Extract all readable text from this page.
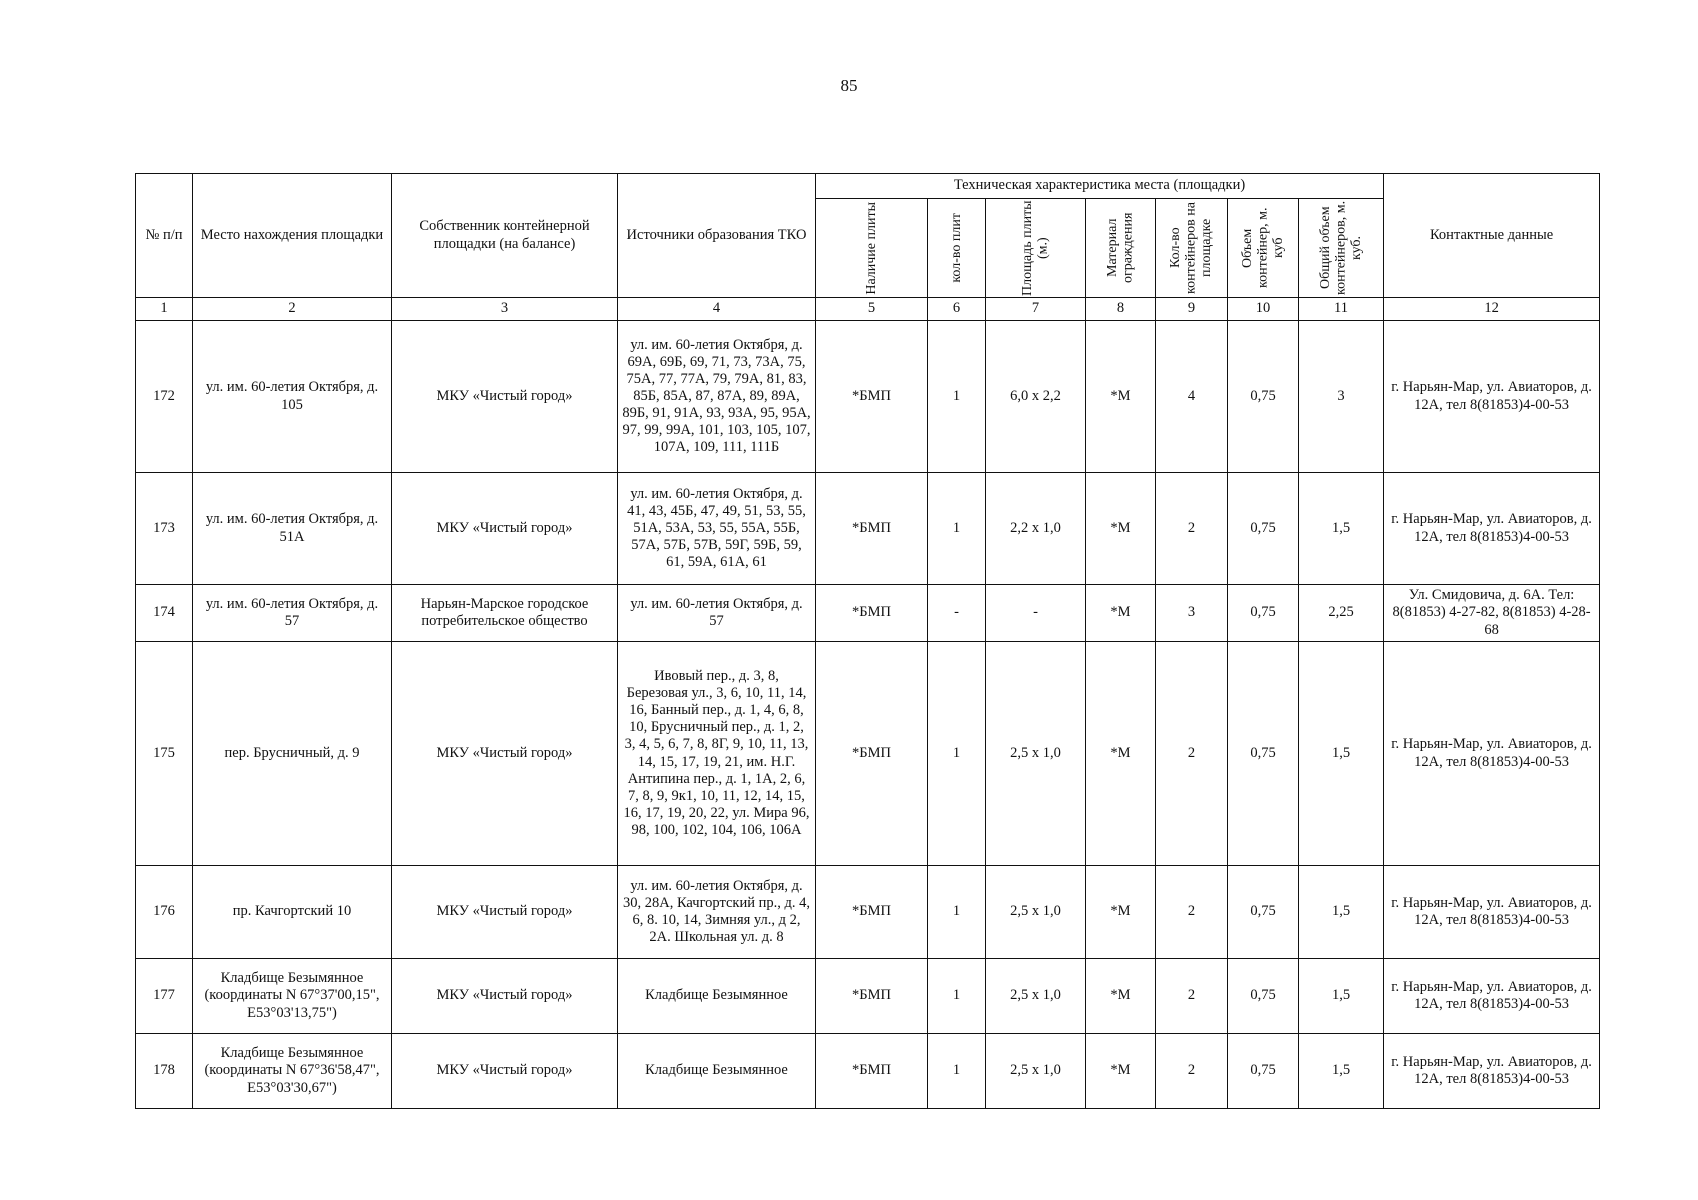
85
№ п/п	Место нахождения площадки	Собственник контейнерной площадки (на балансе)	Источники образования ТКО	Техническая характеристика места (площадки)							Контактные данные

				Наличие плиты	кол-во плит	Площадь плиты (м.)	Материал ограждения	Кол-во контейнеров на площадке	Объем контейнер, м. куб	Общий объем контейнеров, м. куб.	

1	2	3	4	5	6	7	8	9	10	11	12
172	ул. им. 60-летия Октября, д. 105	МКУ «Чистый город»	ул. им. 60-летия Октября, д. 69А, 69Б, 69, 71, 73, 73А, 75, 75А, 77, 77А, 79, 79А, 81, 83, 85Б, 85А, 87, 87А, 89, 89А, 89Б, 91, 91А, 93, 93А, 95, 95А, 97, 99, 99А, 101, 103, 105, 107, 107А, 109, 111, 111Б	*БМП	1	6,0 х 2,2	*М	4	0,75	3	г. Нарьян-Мар, ул. Авиаторов, д. 12А, тел 8(81853)4-00-53
173	ул. им. 60-летия Октября, д. 51А	МКУ «Чистый город»	ул. им. 60-летия Октября, д. 41, 43, 45Б, 47, 49, 51, 53, 55, 51А, 53А, 53, 55, 55А, 55Б, 57А, 57Б, 57В, 59Г, 59Б, 59, 61, 59А, 61А, 61	*БМП	1	2,2 х 1,0	*М	2	0,75	1,5	г. Нарьян-Мар, ул. Авиаторов, д. 12А, тел 8(81853)4-00-53
174	ул. им. 60-летия Октября, д. 57	Нарьян-Марское городское потребительское общество	ул. им. 60-летия Октября, д. 57	*БМП	-	-	*М	3	0,75	2,25	Ул. Смидовича, д. 6А. Тел: 8(81853) 4-27-82, 8(81853) 4-28-68
175	пер. Брусничный, д. 9	МКУ «Чистый город»	Ивовый пер., д. 3, 8, Березовая ул., 3, 6, 10, 11, 14, 16, Банный пер., д. 1, 4, 6, 8, 10, Брусничный пер., д. 1, 2, 3, 4, 5, 6, 7, 8, 8Г, 9, 10, 11, 13, 14, 15, 17, 19, 21, им. Н.Г. Антипина пер., д. 1, 1А, 2, 6, 7, 8, 9, 9к1, 10, 11, 12, 14, 15, 16, 17, 19, 20, 22, ул. Мира 96, 98, 100, 102, 104, 106, 106А	*БМП	1	2,5 х 1,0	*М	2	0,75	1,5	г. Нарьян-Мар, ул. Авиаторов, д. 12А, тел 8(81853)4-00-53
176	пр. Качгортский 10	МКУ «Чистый город»	ул. им. 60-летия Октября, д. 30, 28А, Качгортский пр., д. 4, 6, 8. 10, 14, Зимняя ул., д 2, 2А. Школьная ул. д. 8	*БМП	1	2,5 х 1,0	*М	2	0,75	1,5	г. Нарьян-Мар, ул. Авиаторов, д. 12А, тел 8(81853)4-00-53
177	Кладбище Безымянное (координаты N 67°37'00,15", E53°03'13,75")	МКУ «Чистый город»	Кладбище Безымянное	*БМП	1	2,5 х 1,0	*М	2	0,75	1,5	г. Нарьян-Мар, ул. Авиаторов, д. 12А, тел 8(81853)4-00-53
178	Кладбище Безымянное (координаты N 67°36'58,47", E53°03'30,67")	МКУ «Чистый город»	Кладбище Безымянное	*БМП	1	2,5 х 1,0	*М	2	0,75	1,5	г. Нарьян-Мар, ул. Авиаторов, д. 12А, тел 8(81853)4-00-53
